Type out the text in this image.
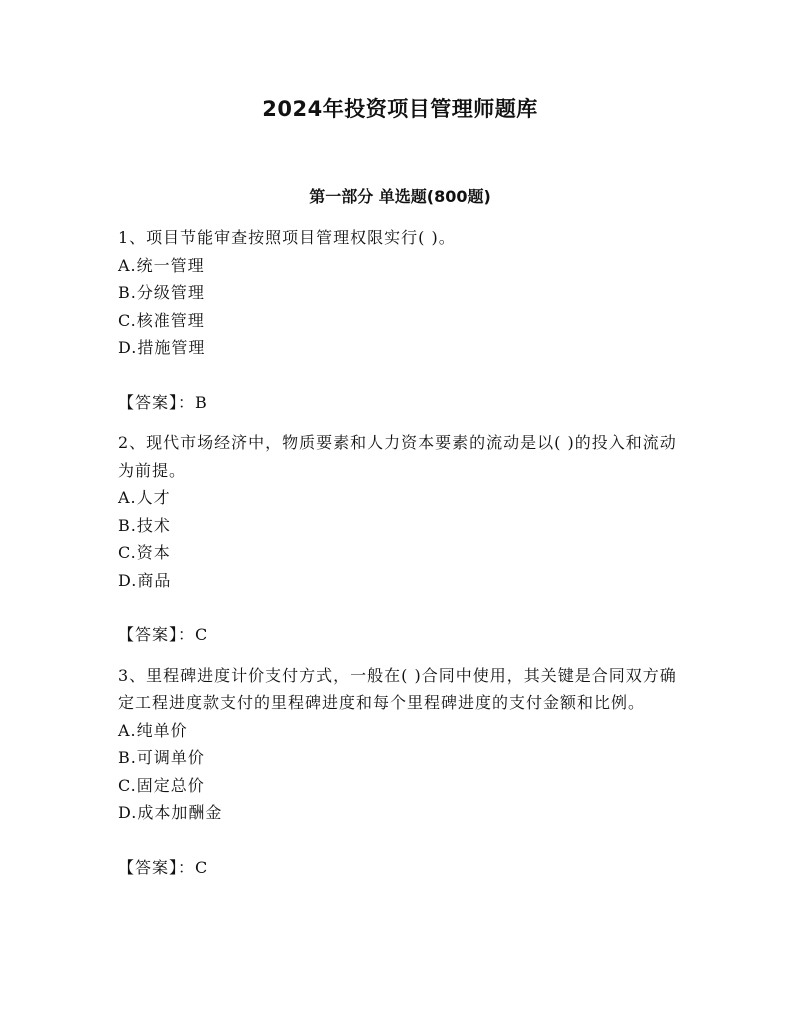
2024年投资项目管理师题库
第一部分 单选题(800题)
1、项目节能审查按照项目管理权限实行( )。
A.统一管理
B.分级管理
C.核准管理
D.措施管理
【答案】：B
2、现代市场经济中，物质要素和人力资本要素的流动是以( )的投入和流动为前提。
A.人才
B.技术
C.资本
D.商品
【答案】：C
3、里程碑进度计价支付方式，一般在( )合同中使用，其关键是合同双方确定工程进度款支付的里程碑进度和每个里程碑进度的支付金额和比例。
A.纯单价
B.可调单价
C.固定总价
D.成本加酬金
【答案】：C
